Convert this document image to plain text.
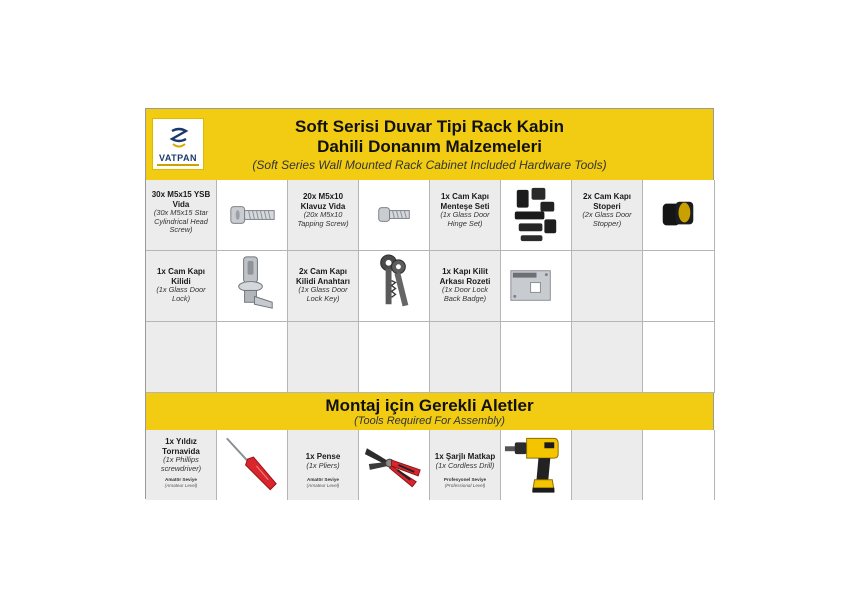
VATPAN
Soft Serisi Duvar Tipi Rack Kabin
Dahili Donanım Malzemeleri
(Soft Series Wall Mounted Rack Cabinet Included Hardware Tools)
30x M5x15 YSB Vida
(30x M5x15 Star Cylindrical Head Screw)
20x M5x10 Klavuz Vida
(20x M5x10 Tapping Screw)
1x Cam Kapı Menteşe Seti
(1x Glass Door Hinge Set)
2x Cam Kapı Stoperi
(2x Glass Door Stopper)
1x Cam Kapı Kilidi
(1x Glass Door Lock)
2x Cam Kapı Kilidi Anahtarı
(1x Glass Door Lock Key)
1x Kapı Kilit Arkası Rozeti
(1x Door Lock Back Badge)
Montaj için Gerekli Aletler
(Tools Required For Assembly)
1x Yıldız Tornavida
(1x Phillips screwdriver)
Amatör Seviye
(Amateur Level)
1x Pense
(1x Pliers)
Amatör Seviye
(Amateur Level)
1x Şarjlı Matkap
(1x Cordless Drill)
Profesyonel Seviye
(Professional Level)
